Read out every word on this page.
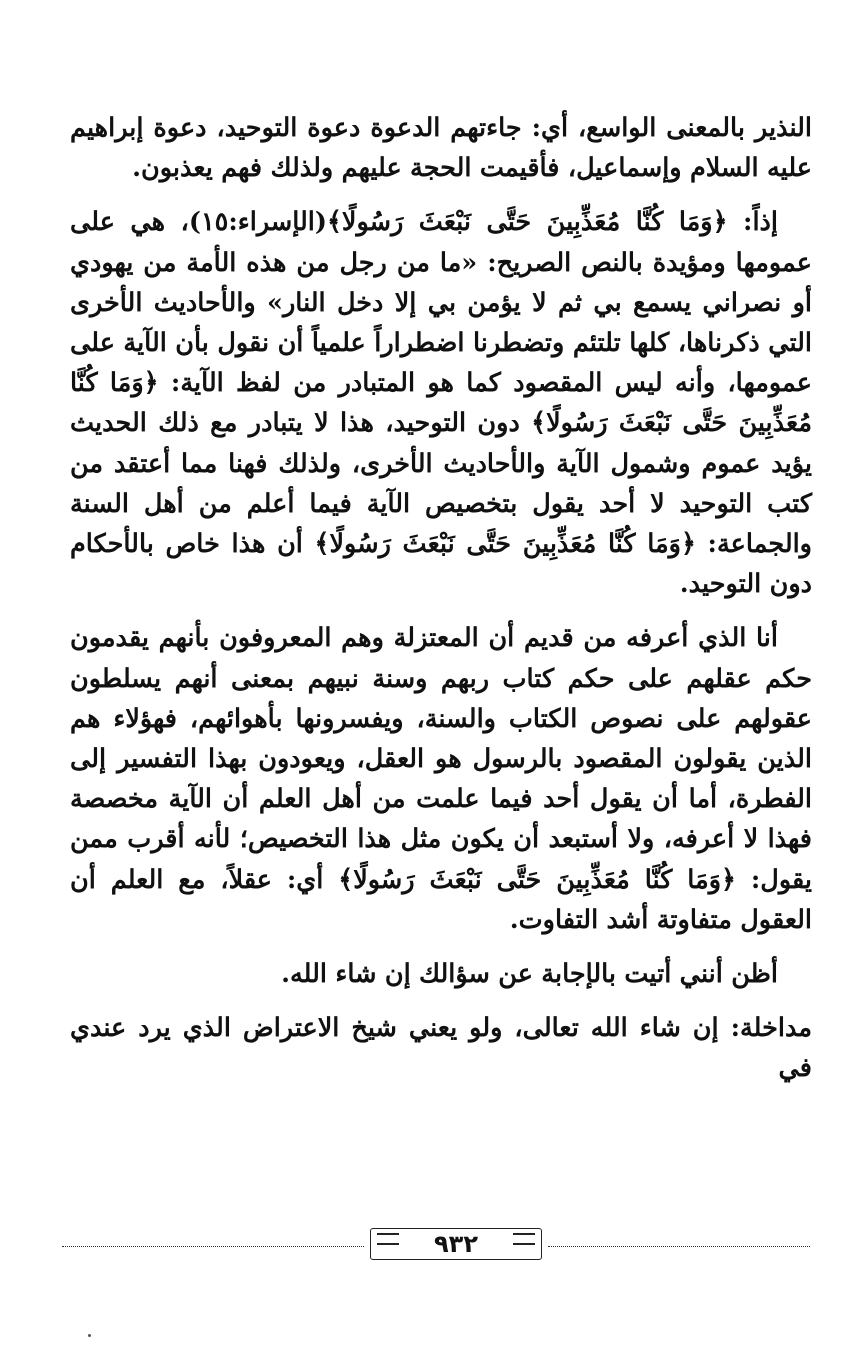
النذير بالمعنى الواسع، أي: جاءتهم الدعوة دعوة التوحيد، دعوة إبراهيم عليه السلام وإسماعيل، فأقيمت الحجة عليهم ولذلك فهم يعذبون.

إذاً: ﴿وَمَا كُنَّا مُعَذِّبِينَ حَتَّى نَبْعَثَ رَسُولًا﴾(الإسراء:١٥)، هي على عمومها ومؤيدة بالنص الصريح: «ما من رجل من هذه الأمة من يهودي أو نصراني يسمع بي ثم لا يؤمن بي إلا دخل النار» والأحاديث الأخرى التي ذكرناها، كلها تلتئم وتضطرنا اضطراراً علمياً أن نقول بأن الآية على عمومها، وأنه ليس المقصود كما هو المتبادر من لفظ الآية: ﴿وَمَا كُنَّا مُعَذِّبِينَ حَتَّى نَبْعَثَ رَسُولًا﴾ دون التوحيد، هذا لا يتبادر مع ذلك الحديث يؤيد عموم وشمول الآية والأحاديث الأخرى، ولذلك فهنا مما أعتقد من كتب التوحيد لا أحد يقول بتخصيص الآية فيما أعلم من أهل السنة والجماعة: ﴿وَمَا كُنَّا مُعَذِّبِينَ حَتَّى نَبْعَثَ رَسُولًا﴾ أن هذا خاص بالأحكام دون التوحيد.

أنا الذي أعرفه من قديم أن المعتزلة وهم المعروفون بأنهم يقدمون حكم عقلهم على حكم كتاب ربهم وسنة نبيهم بمعنى أنهم يسلطون عقولهم على نصوص الكتاب والسنة، ويفسرونها بأهوائهم، فهؤلاء هم الذين يقولون المقصود بالرسول هو العقل، ويعودون بهذا التفسير إلى الفطرة، أما أن يقول أحد فيما علمت من أهل العلم أن الآية مخصصة فهذا لا أعرفه، ولا أستبعد أن يكون مثل هذا التخصيص؛ لأنه أقرب ممن يقول: ﴿وَمَا كُنَّا مُعَذِّبِينَ حَتَّى نَبْعَثَ رَسُولًا﴾ أي: عقلاً، مع العلم أن العقول متفاوتة أشد التفاوت.

أظن أنني أتيت بالإجابة عن سؤالك إن شاء الله.

مداخلة: إن شاء الله تعالى، ولو يعني شيخ الاعتراض الذي يرد عندي في

٩٣٢
